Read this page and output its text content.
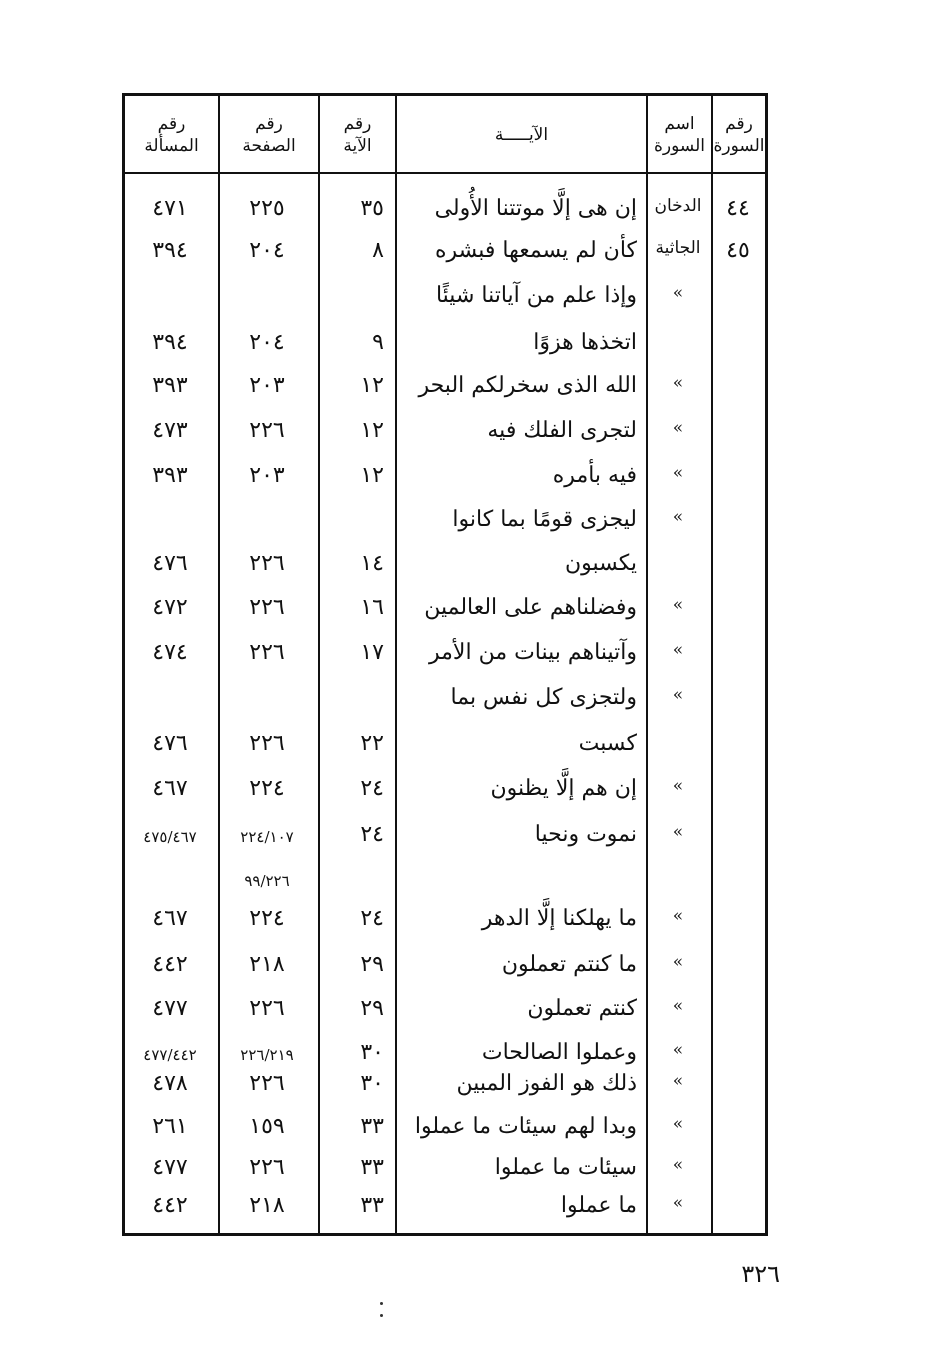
رقم
السورة
اسم
السورة
الآيـــــة
رقم
الآية
رقم
الصفحة
رقم
المسألة
٤٤
الدخان
إن هى إلَّا موتتنا الأُولى
٣٥
٢٢٥
٤٧١
٤٥
الجاثية
كأن لم يسمعها فبشره
٨
٢٠٤
٣٩٤
»
وإذا علم من آياتنا شيئًا
اتخذها هزوًا
٩
٢٠٤
٣٩٤
»
الله الذى سخرلكم البحر
١٢
٢٠٣
٣٩٣
»
لتجرى الفلك فيه
١٢
٢٢٦
٤٧٣
»
فيه بأمره
١٢
٢٠٣
٣٩٣
»
ليجزى قومًا بما كانوا
يكسبون
١٤
٢٢٦
٤٧٦
»
وفضلناهم على العالمين
١٦
٢٢٦
٤٧٢
»
وآتيناهم بينات من الأمر
١٧
٢٢٦
٤٧٤
»
ولتجزى كل نفس بما
كسبت
٢٢
٢٢٦
٤٧٦
»
إن هم إلَّا يظنون
٢٤
٢٢٤
٤٦٧
»
نموت ونحيا
٢٤
٢٢٤/١٠٧
٤٧٥/٤٦٧
٩٩/٢٢٦
»
ما يهلكنا إلَّا الدهر
٢٤
٢٢٤
٤٦٧
»
ما كنتم تعملون
٢٩
٢١٨
٤٤٢
»
كنتم تعملون
٢٩
٢٢٦
٤٧٧
»
وعملوا الصالحات
٣٠
٢٢٦/٢١٩
٤٧٧/٤٤٢
»
ذلك هو الفوز المبين
٣٠
٢٢٦
٤٧٨
»
وبدا لهم سيئات ما عملوا
٣٣
١٥٩
٢٦١
»
سيئات ما عملوا
٣٣
٢٢٦
٤٧٧
»
ما عملوا
٣٣
٢١٨
٤٤٢
٣٢٦
